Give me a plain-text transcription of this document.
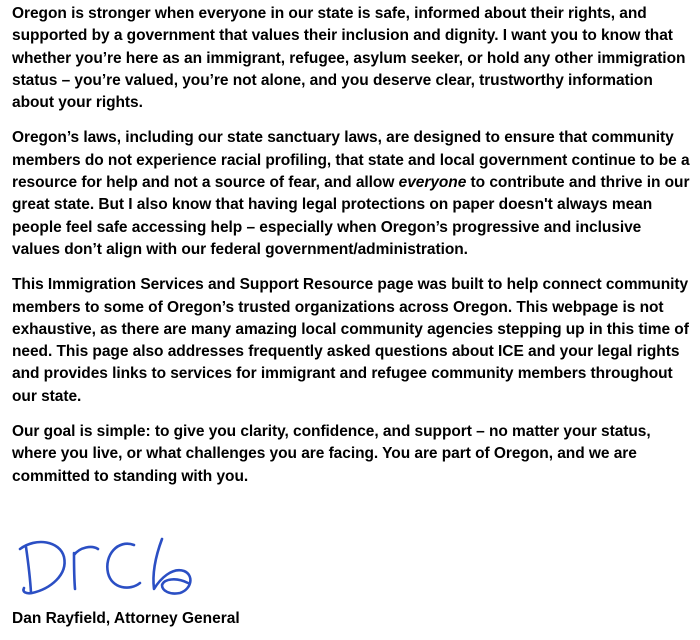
Oregon is stronger when everyone in our state is safe, informed about their rights, and supported by a government that values their inclusion and dignity. I want you to know that whether you’re here as an immigrant, refugee, asylum seeker, or hold any other immigration status – you’re valued, you’re not alone, and you deserve clear, trustworthy information about your rights.

Oregon’s laws, including our state sanctuary laws, are designed to ensure that community members do not experience racial profiling, that state and local government continue to be a resource for help and not a source of fear, and allow everyone to contribute and thrive in our great state. But I also know that having legal protections on paper doesn't always mean people feel safe accessing help – especially when Oregon’s progressive and inclusive values don’t align with our federal government/administration.

This Immigration Services and Support Resource page was built to help connect community members to some of Oregon’s trusted organizations across Oregon. This webpage is not exhaustive, as there are many amazing local community agencies stepping up in this time of need. This page also addresses frequently asked questions about ICE and your legal rights and provides links to services for immigrant and refugee community members throughout our state.

Our goal is simple: to give you clarity, confidence, and support – no matter your status, where you live, or what challenges you are facing. You are part of Oregon, and we are committed to standing with you.

Dan Rayfield, Attorney General
